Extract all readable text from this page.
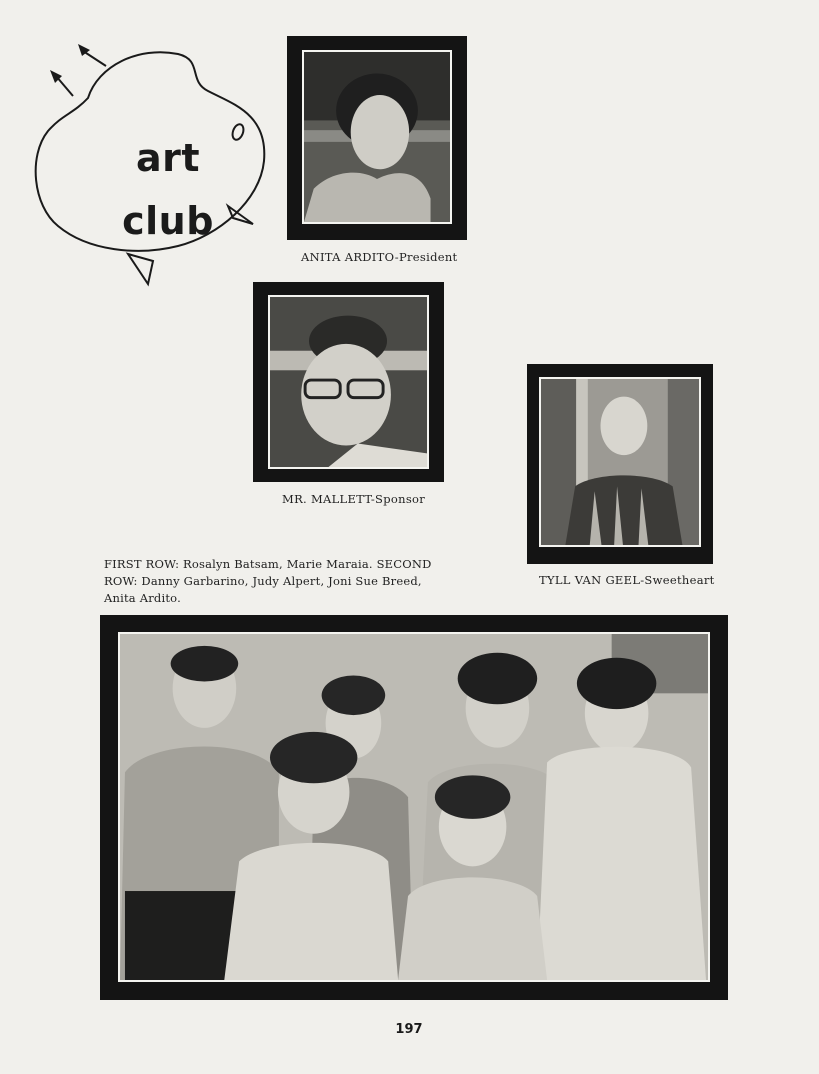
art
club
ANITA ARDITO-President
MR. MALLETT-Sponsor
TYLL VAN GEEL-Sweetheart
FIRST ROW: Rosalyn Batsam, Marie Maraia. SECOND
ROW: Danny Garbarino, Judy Alpert, Joni Sue Breed,
Anita Ardito.
197
